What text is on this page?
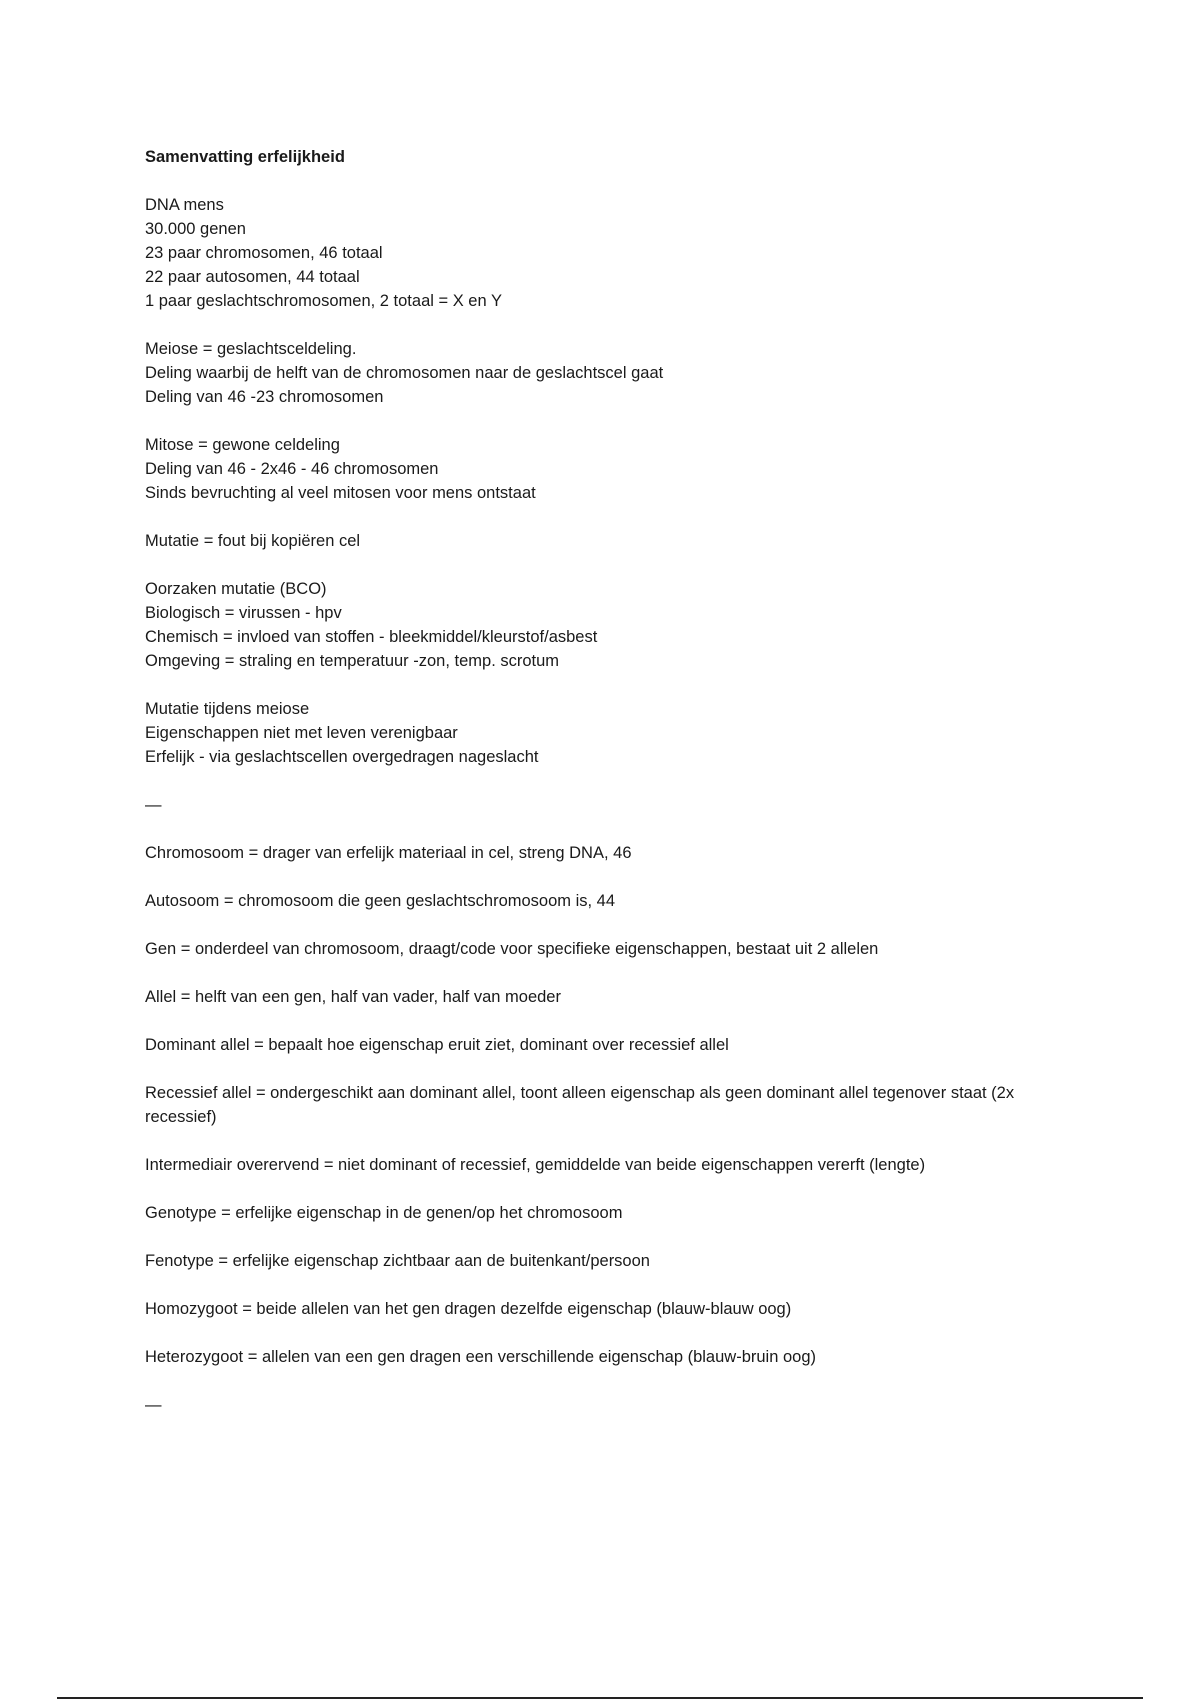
Samenvatting erfelijkheid
DNA mens
30.000 genen
23 paar chromosomen, 46 totaal
22 paar autosomen, 44 totaal
1 paar geslachtschromosomen, 2 totaal = X en Y
Meiose = geslachtsceldeling.
Deling waarbij de helft van de chromosomen naar de geslachtscel gaat
Deling van 46 -23 chromosomen
Mitose = gewone celdeling
Deling van 46 - 2x46 - 46 chromosomen
Sinds bevruchting al veel mitosen voor mens ontstaat
Mutatie = fout bij kopiëren cel
Oorzaken mutatie (BCO)
Biologisch = virussen - hpv
Chemisch = invloed van stoffen - bleekmiddel/kleurstof/asbest
Omgeving = straling en temperatuur -zon, temp. scrotum
Mutatie tijdens meiose
Eigenschappen niet met leven verenigbaar
Erfelijk - via geslachtscellen overgedragen nageslacht
—
Chromosoom = drager van erfelijk materiaal in cel, streng DNA, 46
Autosoom = chromosoom die geen geslachtschromosoom is, 44
Gen = onderdeel van chromosoom, draagt/code voor specifieke eigenschappen, bestaat uit 2 allelen
Allel = helft van een gen, half van vader, half van moeder
Dominant allel = bepaalt hoe eigenschap eruit ziet, dominant over recessief allel
Recessief allel = ondergeschikt aan dominant allel, toont alleen eigenschap als geen dominant allel tegenover staat (2x recessief)
Intermediair overervend = niet dominant of recessief, gemiddelde van beide eigenschappen vererft (lengte)
Genotype = erfelijke eigenschap in de genen/op het chromosoom
Fenotype = erfelijke eigenschap zichtbaar aan de buitenkant/persoon
Homozygoot = beide allelen van het gen dragen dezelfde eigenschap (blauw-blauw oog)
Heterozygoot = allelen van een gen dragen een verschillende eigenschap (blauw-bruin oog)
—
